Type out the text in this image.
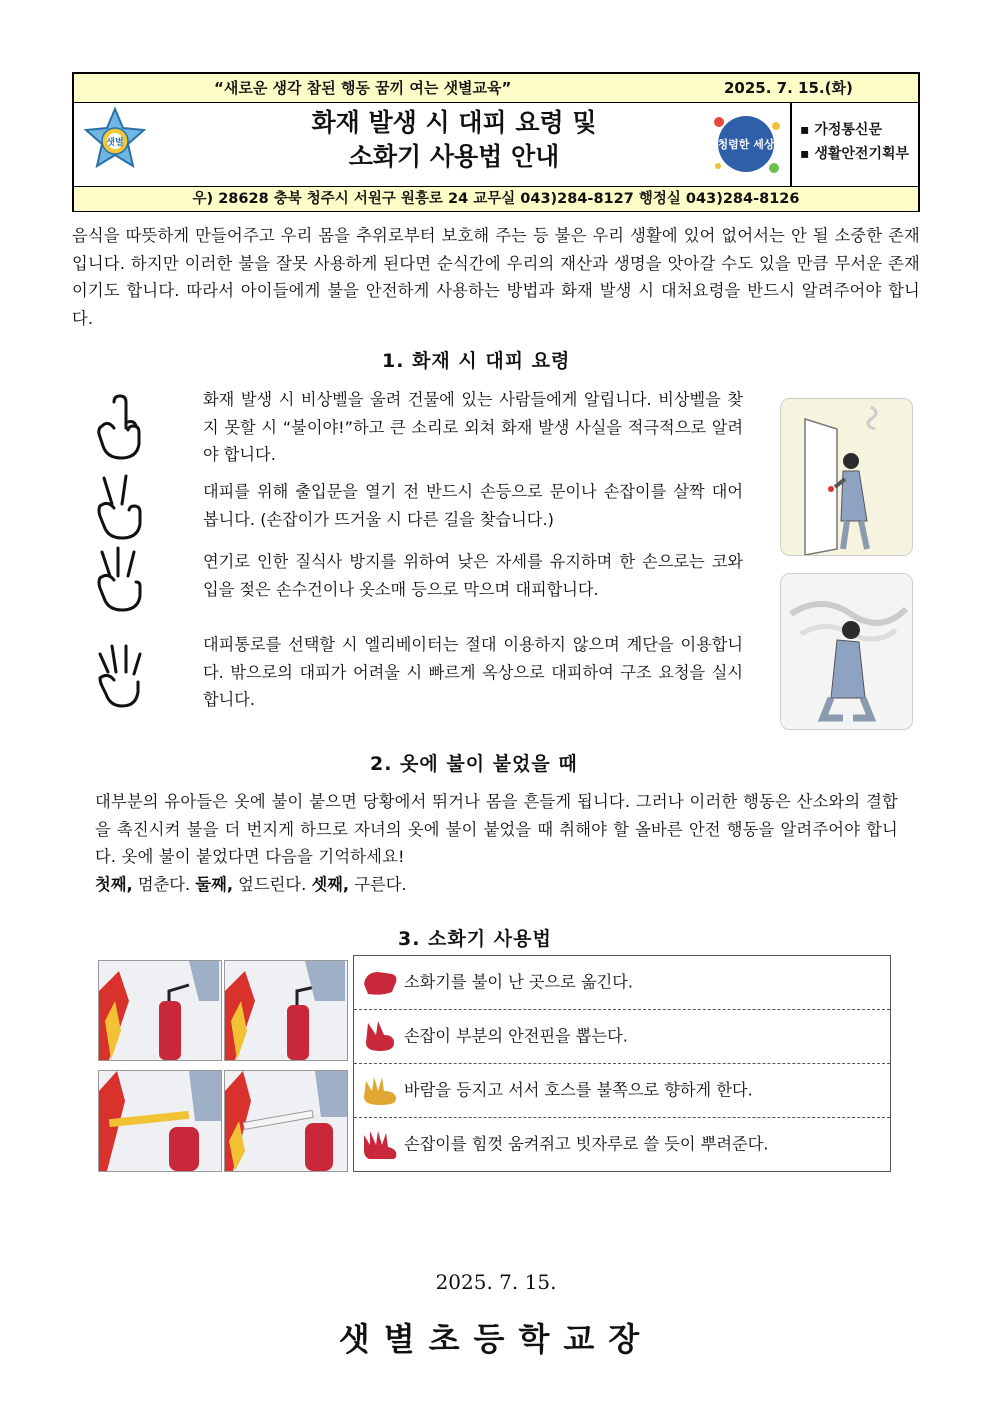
“새로운 생각 참된 행동 꿈끼 여는 샛별교육”	2025. 7. 15.(화)
샛별
화재 발생 시 대피 요령 및
소화기 사용법 안내	청렴한 세상
▪ 가정통신문
▪ 생활안전기획부
우) 28628 충북 청주시 서원구 원흥로 24 교무실 043)284-8127 행정실 043)284-8126
음식을 따뜻하게 만들어주고 우리 몸을 추위로부터 보호해 주는 등 불은 우리 생활에 있어 없어서는 안 될 소중한 존재입니다. 하지만 이러한 불을 잘못 사용하게 된다면 순식간에 우리의 재산과 생명을 앗아갈 수도 있을 만큼 무서운 존재이기도 합니다. 따라서 아이들에게 불을 안전하게 사용하는 방법과 화재 발생 시 대처요령을 반드시 알려주어야 합니다.
1. 화재 시 대피 요령
화재 발생 시 비상벨을 울려 건물에 있는 사람들에게 알립니다. 비상벨을 찾지 못할 시 “불이야!”하고 큰 소리로 외쳐 화재 발생 사실을 적극적으로 알려야 합니다.
대피를 위해 출입문을 열기 전 반드시 손등으로 문이나 손잡이를 살짝 대어 봅니다. (손잡이가 뜨거울 시 다른 길을 찾습니다.)
연기로 인한 질식사 방지를 위하여 낮은 자세를 유지하며 한 손으로는 코와 입을 젖은 손수건이나 옷소매 등으로 막으며 대피합니다.
대피통로를 선택할 시 엘리베이터는 절대 이용하지 않으며 계단을 이용합니다. 밖으로의 대피가 어려울 시 빠르게 옥상으로 대피하여 구조 요청을 실시합니다.
2. 옷에 불이 붙었을 때
대부분의 유아들은 옷에 불이 붙으면 당황에서 뛰거나 몸을 흔들게 됩니다. 그러나 이러한 행동은 산소와의 결합을 촉진시켜 불을 더 번지게 하므로 자녀의 옷에 불이 붙었을 때 취해야 할 올바른 안전 행동을 알려주어야 합니다. 옷에 불이 붙었다면 다음을 기억하세요!
첫째, 멈춘다. 둘째, 엎드린다. 셋째, 구른다.
3. 소화기 사용법
소화기를 불이 난 곳으로 옮긴다.
손잡이 부분의 안전핀을 뽑는다.
바람을 등지고 서서 호스를 불쪽으로 향하게 한다.
손잡이를 힘껏 움켜쥐고 빗자루로 쓸 듯이 뿌려준다.
2025. 7. 15.
샛별초등학교장
